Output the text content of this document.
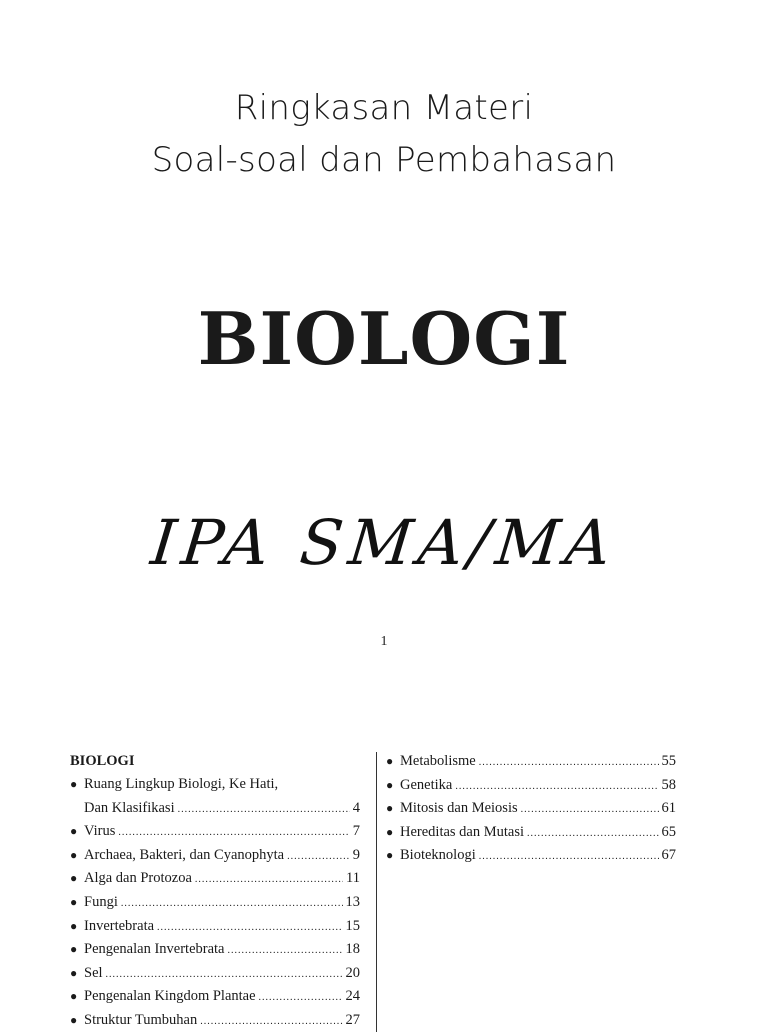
Ringkasan Materi
Soal-soal dan Pembahasan
BIOLOGI
IPA SMA/MA
1
BIOLOGI
● Ruang Lingkup Biologi, Ke Hati,
Dan Klasifikasi .....	4
● Virus .....	7
● Archaea, Bakteri, dan Cyanophyta .....	9
● Alga dan Protozoa .....	11
● Fungi .....	13
● Invertebrata .....	15
● Pengenalan Invertebrata .....	18
● Sel .....	20
● Pengenalan Kingdom Plantae .....	24
● Struktur Tumbuhan .....	27
● Metabolisme .....	55
● Genetika .....	58
● Mitosis dan Meiosis .....	61
● Hereditas dan Mutasi .....	65
● Bioteknologi .....	67
